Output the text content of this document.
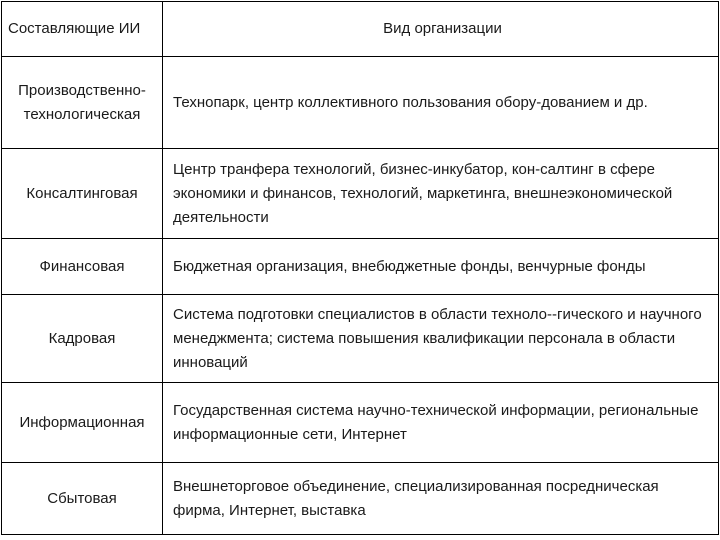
Составляющие ИИ	Вид организации

Производственно-
технологическая	Технопарк, центр коллективного пользования обору-дованием и др.

Консалтинговая	Центр транфера технологий, бизнес-инкубатор, кон-салтинг в сфере экономики и финансов, технологий, маркетинга, внешнеэкономической деятельности

Финансовая	Бюджетная организация, внебюджетные фонды, венчурные фонды

Кадровая	Система подготовки специалистов в области техноло--гического и научного менеджмента; система повышения квалификации персонала в области инноваций

Информационная	Государственная система научно-технической информации, региональные информационные сети, Интернет

Сбытовая	Внешнеторговое объединение, специализированная посредническая фирма, Интернет, выставка
